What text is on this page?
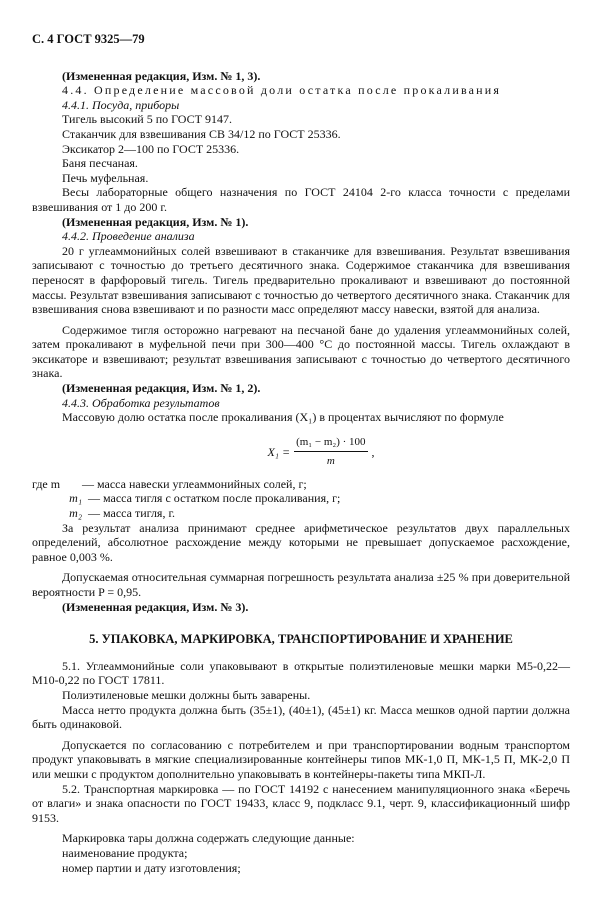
С. 4 ГОСТ 9325—79

(Измененная редакция, Изм. № 1, 3).

4.4. Определение массовой доли остатка после прокаливания

4.4.1. Посуда, приборы

Тигель высокий 5 по ГОСТ 9147.

Стаканчик для взвешивания СВ 34/12 по ГОСТ 25336.

Эксикатор 2—100 по ГОСТ 25336.

Баня песчаная.

Печь муфельная.

Весы лабораторные общего назначения по ГОСТ 24104 2-го класса точности с пределами взвешивания от 1 до 200 г.

(Измененная редакция, Изм. № 1).

4.4.2. Проведение анализа

20 г углеаммонийных солей взвешивают в стаканчике для взвешивания. Результат взвешивания записывают с точностью до третьего десятичного знака. Содержимое стаканчика для взвешивания переносят в фарфоровый тигель. Тигель предварительно прокаливают и взвешивают до постоянной массы. Результат взвешивания записывают с точностью до четвертого десятичного знака. Стаканчик для взвешивания снова взвешивают и по разности масс определяют массу навески, взятой для анализа.

Содержимое тигля осторожно нагревают на песчаной бане до удаления углеаммонийных солей, затем прокаливают в муфельной печи при 300—400 °С до постоянной массы. Тигель охлаждают в эксикаторе и взвешивают; результат взвешивания записывают с точностью до четвертого десятичного знака.

(Измененная редакция, Изм. № 1, 2).

4.4.3. Обработка результатов

Массовую долю остатка после прокаливания (X₁) в процентах вычисляют по формуле

$X_1 = \frac{\text{(m₁ − m₂) · 100}}{m}$ ,
где m	— масса навески углеаммонийных солей, г;
m₁ — масса тигля с остатком после прокаливания, г;
m₂ — масса тигля, г.

За результат анализа принимают среднее арифметическое результатов двух параллельных определений, абсолютное расхождение между которыми не превышает допускаемое расхождение, равное 0,003 %.

Допускаемая относительная суммарная погрешность результата анализа ±25 % при доверительной вероятности P = 0,95.

(Измененная редакция, Изм. № 3).

5. УПАКОВКА, МАРКИРОВКА, ТРАНСПОРТИРОВАНИЕ И ХРАНЕНИЕ

5.1. Углеаммонийные соли упаковывают в открытые полиэтиленовые мешки марки М5-0,22—М10-0,22 по ГОСТ 17811.

Полиэтиленовые мешки должны быть заварены.

Масса нетто продукта должна быть (35±1), (40±1), (45±1) кг. Масса мешков одной партии должна быть одинаковой.

Допускается по согласованию с потребителем и при транспортировании водным транспортом продукт упаковывать в мягкие специализированные контейнеры типов МК-1,0 П, МК-1,5 П, МК-2,0 П или мешки с продуктом дополнительно упаковывать в контейнеры-пакеты типа МКП-Л.

5.2. Транспортная маркировка — по ГОСТ 14192 с нанесением манипуляционного знака «Беречь от влаги» и знака опасности по ГОСТ 19433, класс 9, подкласс 9.1, черт. 9, классификационный шифр 9153.

Маркировка тары должна содержать следующие данные:

наименование продукта;

номер партии и дату изготовления;
